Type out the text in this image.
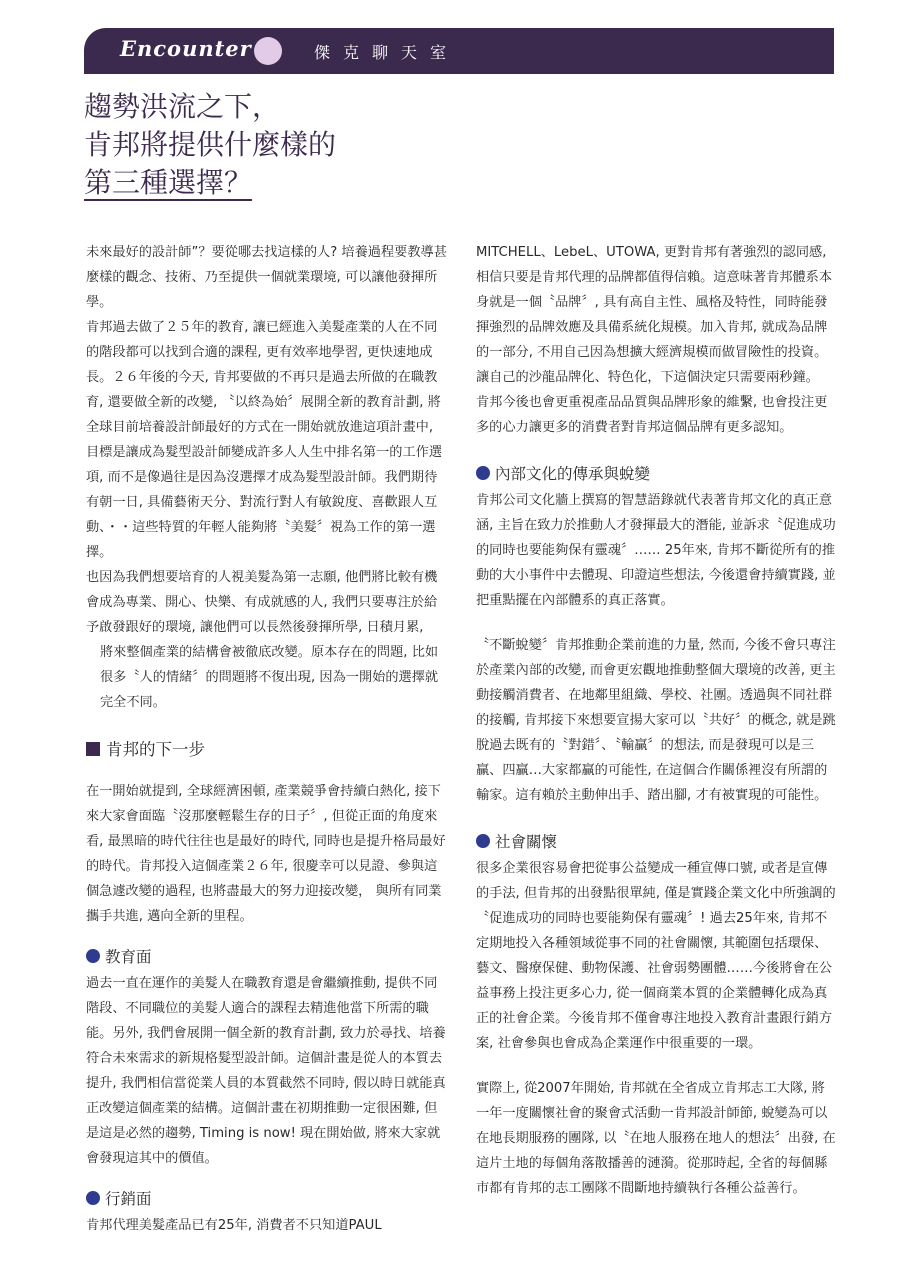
Encounter	傑克聊天室
趨勢洪流之下，
肯邦將提供什麼樣的
第三種選擇？

未來最好的設計師”？要從哪去找這樣的人? 培養過程要教導甚麼樣的觀念、技術、乃至提供一個就業環境, 可以讓他發揮所學。

肯邦過去做了２５年的教育, 讓已經進入美髮產業的人在不同的階段都可以找到合適的課程, 更有效率地學習, 更快速地成長。２６年後的今天, 肯邦要做的不再只是過去所做的在職教育, 還要做全新的改變, 〝以終為始〞展開全新的教育計劃, 將全球目前培養設計師最好的方式在一開始就放進這項計畫中, 目標是讓成為髮型設計師變成許多人人生中排名第一的工作選項, 而不是像過往是因為沒選擇才成為髮型設計師。我們期待有朝一日, 具備藝術天分、對流行對人有敏銳度、喜歡跟人互動、・・這些特質的年輕人能夠將〝美髮〞視為工作的第一選擇。

也因為我們想要培育的人視美髮為第一志願, 他們將比較有機會成為專業、開心、快樂、有成就感的人, 我們只要專注於給予啟發跟好的環境, 讓他們可以長然後發揮所學, 日積月累,

將來整個產業的結構會被徹底改變。原本存在的問題, 比如很多〝人的情緒〞的問題將不復出現, 因為一開始的選擇就完全不同。

肯邦的下一步

在一開始就提到, 全球經濟困頓, 產業競爭會持續白熱化, 接下來大家會面臨〝沒那麼輕鬆生存的日子〞, 但從正面的角度來看, 最黑暗的時代往往也是最好的時代, 同時也是提升格局最好的時代。肯邦投入這個產業２６年, 很慶幸可以見證、參與這個急遽改變的過程, 也將盡最大的努力迎接改變， 與所有同業攜手共進, 邁向全新的里程。

教育面

過去一直在運作的美髮人在職教育還是會繼續推動, 提供不同階段、不同職位的美髮人適合的課程去精進他當下所需的職能。另外, 我們會展開一個全新的教育計劃, 致力於尋找、培養符合未來需求的新規格髮型設計師。這個計畫是從人的本質去提升, 我們相信當從業人員的本質截然不同時, 假以時日就能真正改變這個產業的結構。這個計畫在初期推動一定很困難, 但是這是必然的趨勢, Timing is now! 現在開始做, 將來大家就會發現這其中的價值。

行銷面

肯邦代理美髮產品已有25年, 消費者不只知道PAUL

MITCHELL、LebeL、UTOWA, 更對肯邦有著強烈的認同感, 相信只要是肯邦代理的品牌都值得信賴。這意味著肯邦體系本身就是一個〝品牌〞, 具有高自主性、風格及特性，同時能發揮強烈的品牌效應及具備系統化規模。加入肯邦, 就成為品牌的一部分, 不用自己因為想擴大經濟規模而做冒險性的投資。讓自己的沙龍品牌化、特色化，下這個決定只需要兩秒鐘。

肯邦今後也會更重視產品品質與品牌形象的維繫, 也會投注更多的心力讓更多的消費者對肯邦這個品牌有更多認知。

內部文化的傳承與蛻變

肯邦公司文化牆上撰寫的智慧語錄就代表著肯邦文化的真正意涵, 主旨在致力於推動人才發揮最大的潛能, 並訴求〝促進成功的同時也要能夠保有靈魂〞…… 25年來, 肯邦不斷從所有的推動的大小事件中去體現、印證這些想法, 今後還會持續實踐, 並把重點擺在內部體系的真正落實。

〝不斷蛻變〞肯邦推動企業前進的力量, 然而, 今後不會只專注於產業內部的改變, 而會更宏觀地推動整個大環境的改善, 更主動接觸消費者、在地鄰里組織、學校、社團。透過與不同社群的接觸, 肯邦接下來想要宣揚大家可以〝共好〞的概念, 就是跳脫過去既有的〝對錯〞、〝輸贏〞的想法, 而是發現可以是三贏、四贏…大家都贏的可能性, 在這個合作關係裡沒有所謂的輸家。這有賴於主動伸出手、踏出腳, 才有被實現的可能性。

社會關懷

很多企業很容易會把從事公益變成一種宣傳口號, 或者是宣傳的手法, 但肯邦的出發點很單純, 僅是實踐企業文化中所強調的〝促進成功的同時也要能夠保有靈魂〞! 過去25年來, 肯邦不定期地投入各種領域從事不同的社會關懷, 其範圍包括環保、藝文、醫療保健、動物保護、社會弱勢團體……今後將會在公益事務上投注更多心力, 從一個商業本質的企業體轉化成為真正的社會企業。今後肯邦不僅會專注地投入教育計畫跟行銷方案, 社會參與也會成為企業運作中很重要的一環。

實際上, 從2007年開始, 肯邦就在全省成立肯邦志工大隊, 將一年一度關懷社會的聚會式活動一肯邦設計師節, 蛻變為可以在地長期服務的團隊, 以〝在地人服務在地人的想法〞出發, 在這片土地的每個角落散播善的漣漪。從那時起, 全省的每個縣市都有肯邦的志工團隊不間斷地持續執行各種公益善行。
